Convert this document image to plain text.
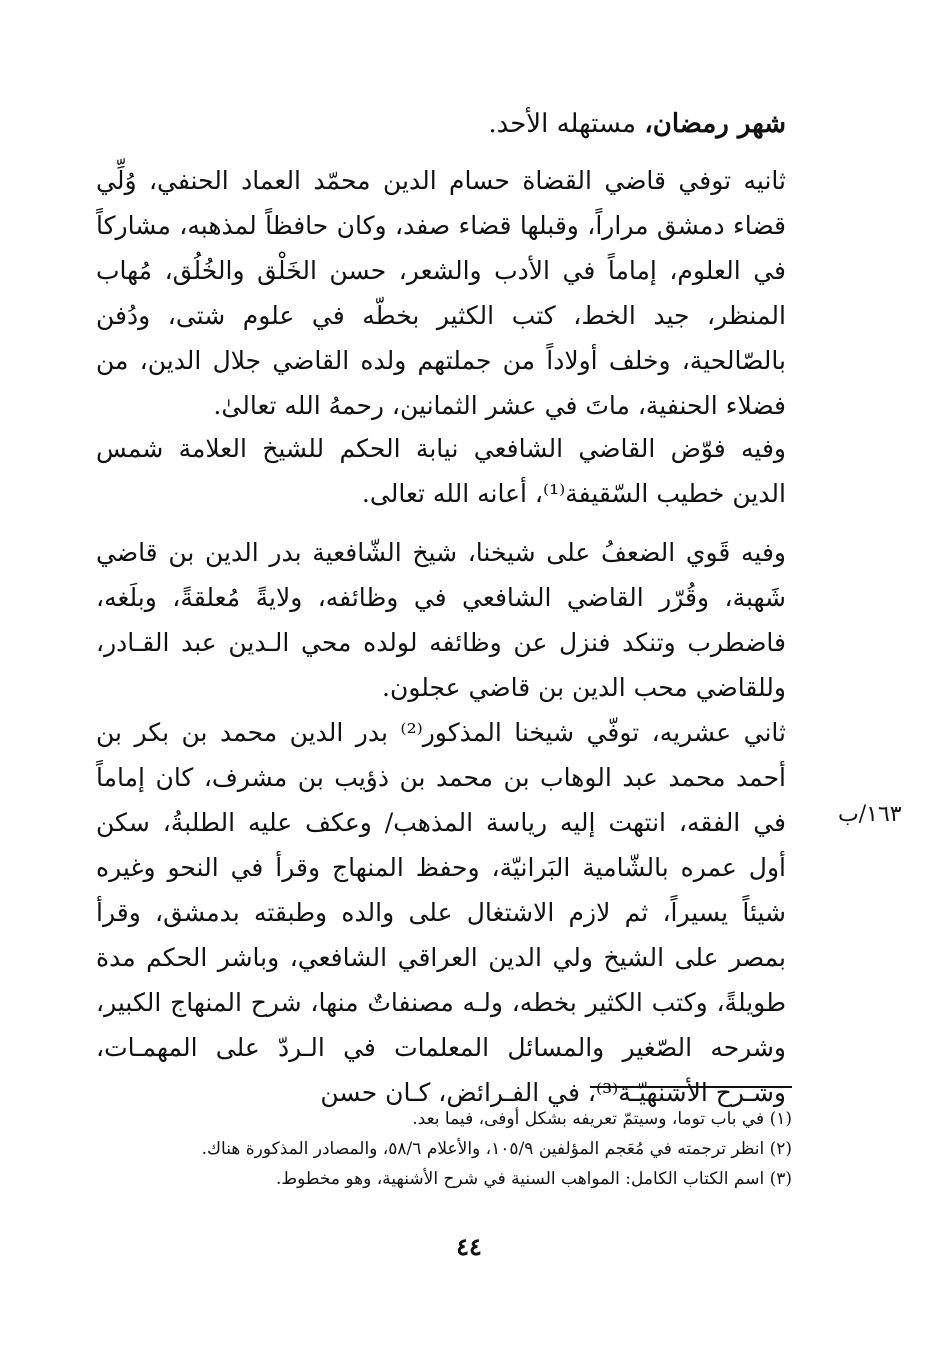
شهر رمضان، مستهله الأحد.

ثانيه توفي قاضي القضاة حسام الدين محمّد العماد الحنفي، وُلِّي قضاء دمشق مراراً، وقبلها قضاء صفد، وكان حافظاً لمذهبه، مشاركاً في العلوم، إماماً في الأدب والشعر، حسن الخَلْق والخُلُق، مُهاب المنظر، جيد الخط، كتب الكثير بخطّه في علوم شتى، ودُفن بالصّالحية، وخلف أولاداً من جملتهم ولده القاضي جلال الدين، من فضلاء الحنفية، ماتَ في عشر الثمانين، رحمهُ الله تعالىٰ.

وفيه فوّض القاضي الشافعي نيابة الحكم للشيخ العلامة شمس الدين خطيب السّقيفة⁽¹⁾، أعانه الله تعالى.

وفيه قَوي الضعفُ على شيخنا، شيخ الشّافعية بدر الدين بن قاضي شَهبة، وقُرّر القاضي الشافعي في وظائفه، ولايةً مُعلقةً، وبلَغه، فاضطرب وتنكد فنزل عن وظائفه لولده محي الـدين عبد القـادر، وللقاضي محب الدين بن قاضي عجلون.

ثاني عشريه، توفّي شيخنا المذكور⁽²⁾ بدر الدين محمد بن بكر بن أحمد محمد عبد الوهاب بن محمد بن ذؤيب بن مشرف، كان إماماً في الفقه، انتهت إليه رياسة المذهب/ وعكف عليه الطلبةُ، سكن أول عمره بالشّامية البَرانيّة، وحفظ المنهاج وقرأ في النحو وغيره شيئاً يسيراً، ثم لازم الاشتغال على والده وطبقته بدمشق، وقرأ بمصر على الشيخ ولي الدين العراقي الشافعي، وباشر الحكم مدة طويلةً، وكتب الكثير بخطه، ولـه مصنفاتٌ منها، شرح المنهاج الكبير، وشرحه الصّغير والمسائل المعلمات في الـردّ على المهمـات، وشـرح الأشنهيّـة⁽³⁾، في الفـرائض، كـان حسن

١٦٣/ب
(١) في باب توما، وسيتمّ تعريفه بشكل أوفى، فيما بعد.
(٢) انظر ترجمته في مُعَجم المؤلفين ١٠٥/٩، والأعلام ٥٨/٦، والمصادر المذكورة هناك.
(٣) اسم الكتاب الكامل: المواهب السنية في شرح الأشنهية، وهو مخطوط.
٤٤
